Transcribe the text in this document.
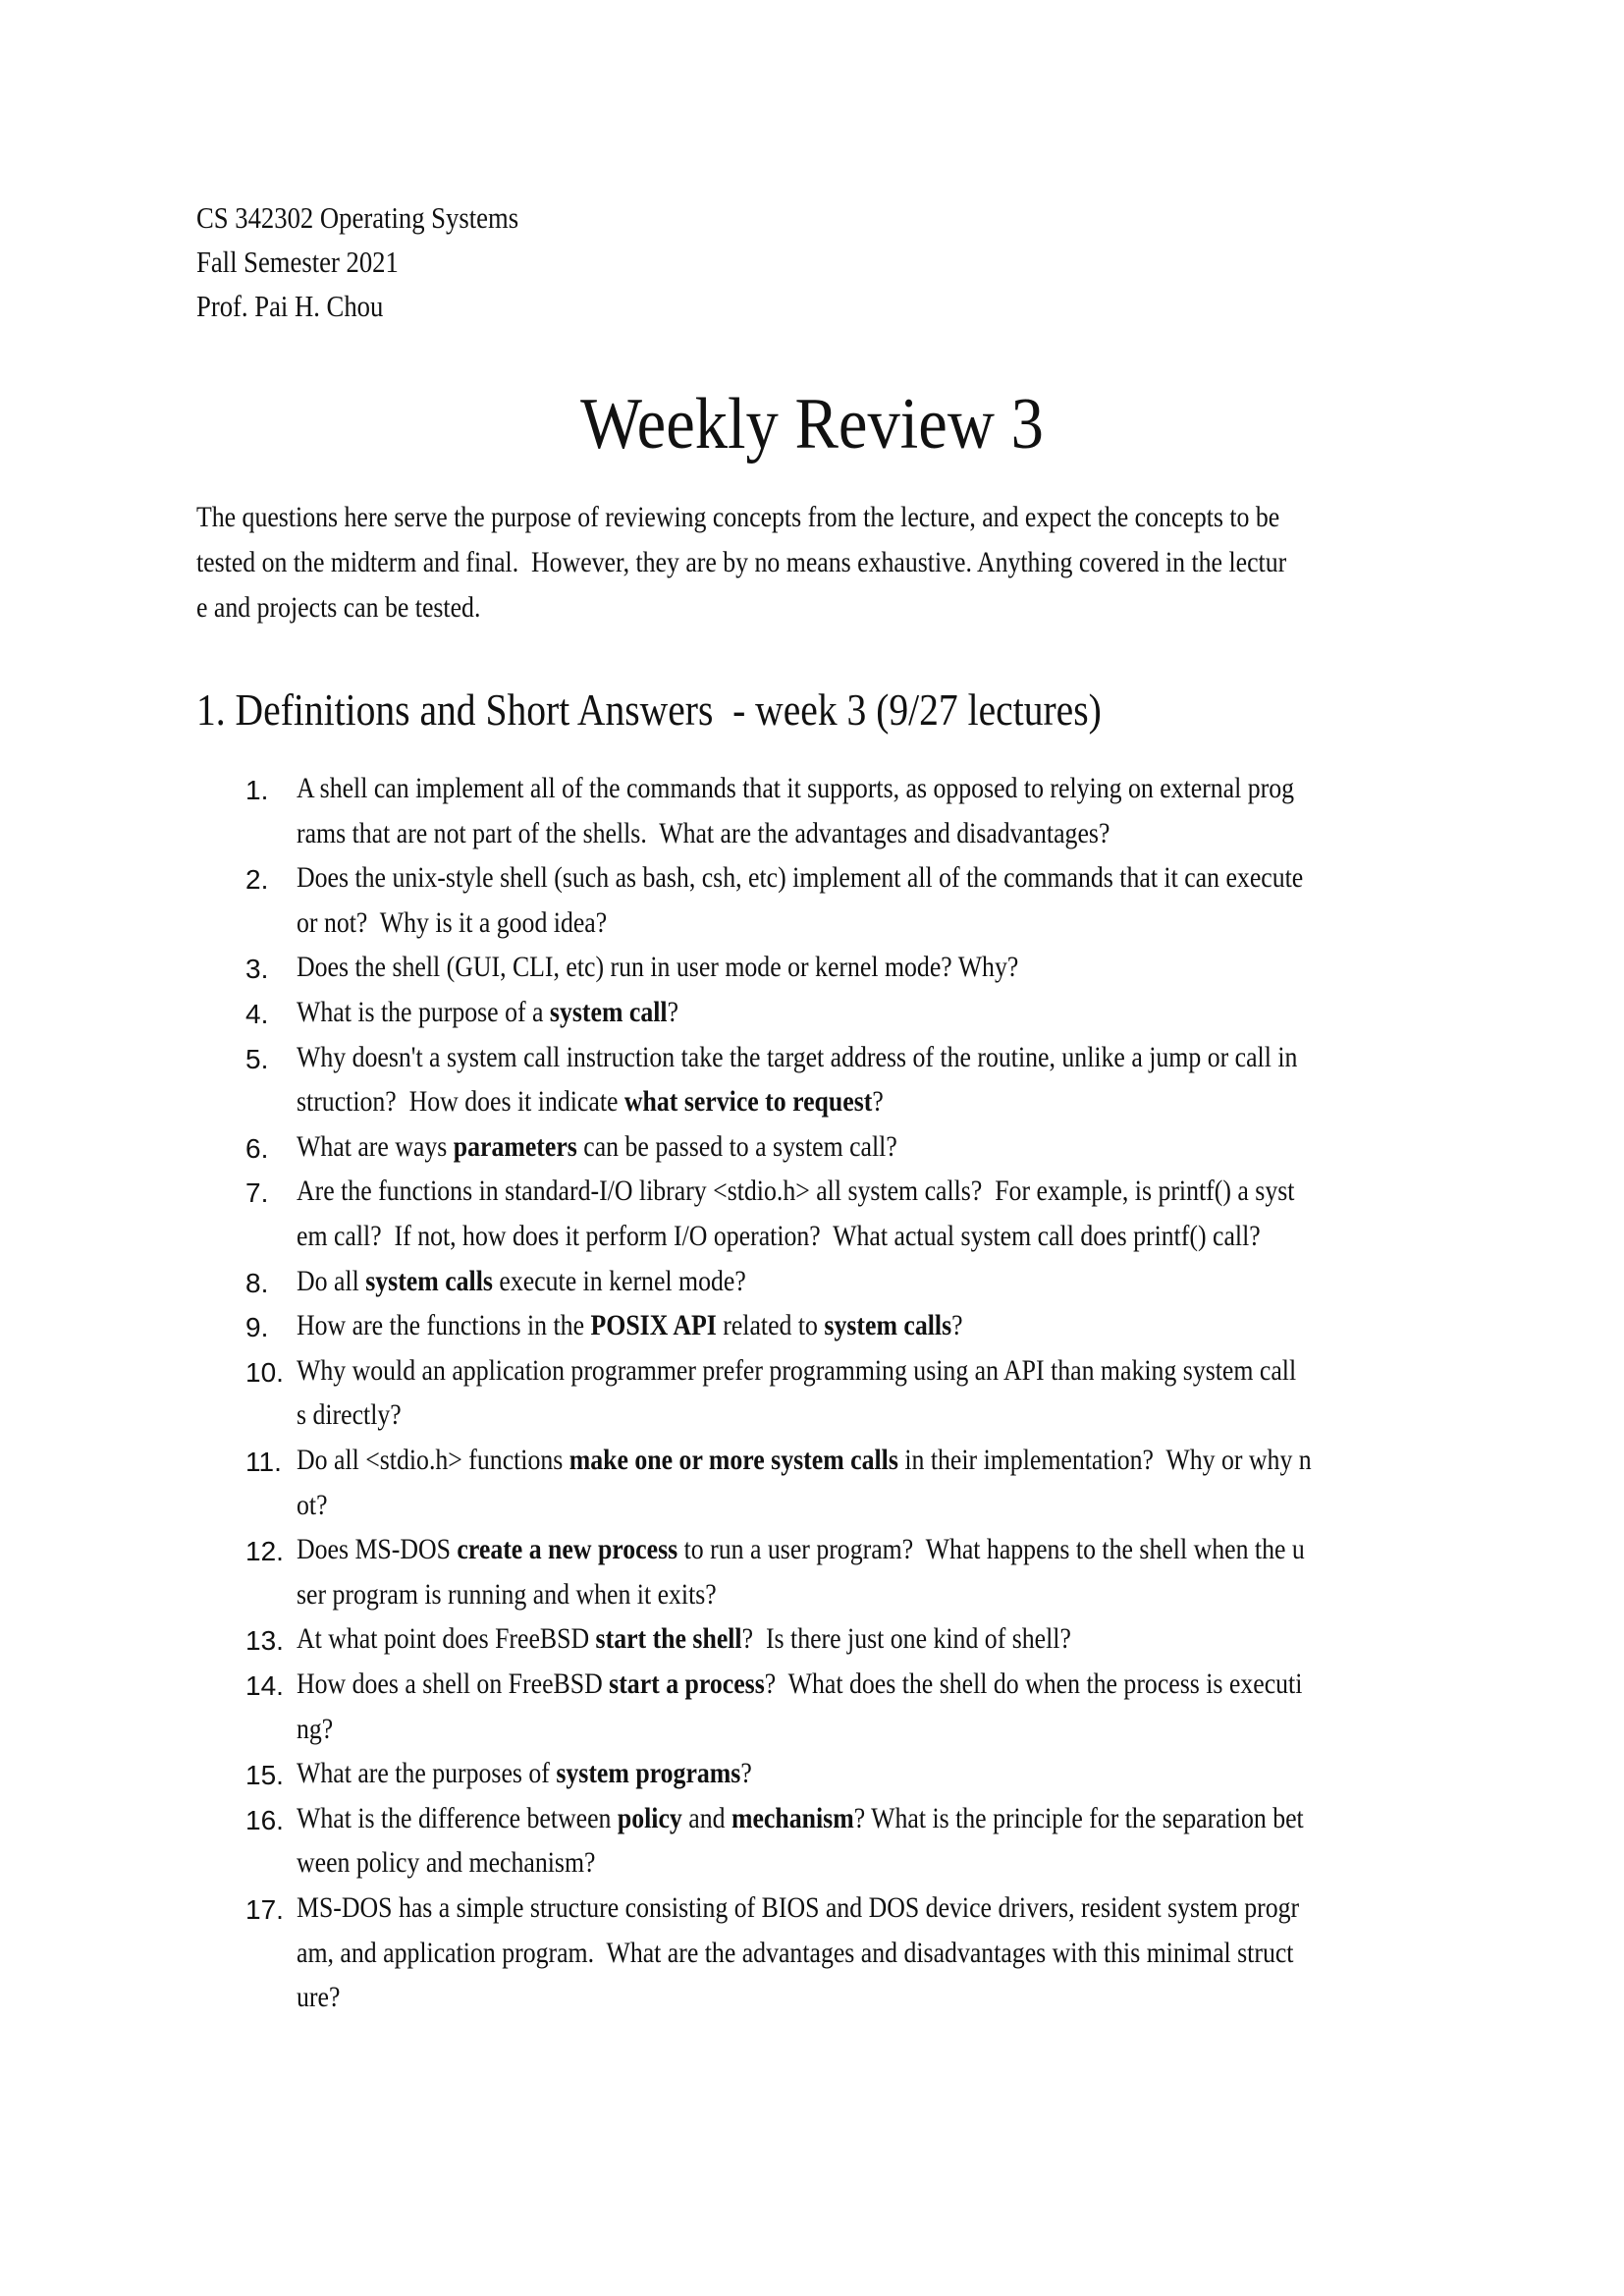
CS 342302 Operating Systems
Fall Semester 2021
Prof. Pai H. Chou
Weekly Review 3
The questions here serve the purpose of reviewing concepts from the lecture, and expect the concepts to be
tested on the midterm and final.  However, they are by no means exhaustive. Anything covered in the lectur
e and projects can be tested.
1. Definitions and Short Answers  - week 3 (9/27 lectures)
1. A shell can implement all of the commands that it supports, as opposed to relying on external prog
rams that are not part of the shells.  What are the advantages and disadvantages?
2. Does the unix-style shell (such as bash, csh, etc) implement all of the commands that it can execute
or not?  Why is it a good idea?
3. Does the shell (GUI, CLI, etc) run in user mode or kernel mode? Why?
4. What is the purpose of a system call?
5. Why doesn't a system call instruction take the target address of the routine, unlike a jump or call in
struction?  How does it indicate what service to request?
6. What are ways parameters can be passed to a system call?
7. Are the functions in standard-I/O library <stdio.h> all system calls?  For example, is printf() a syst
em call?  If not, how does it perform I/O operation?  What actual system call does printf() call?
8. Do all system calls execute in kernel mode?
9. How are the functions in the POSIX API related to system calls?
10. Why would an application programmer prefer programming using an API than making system call
s directly?
11. Do all <stdio.h> functions make one or more system calls in their implementation?  Why or why n
ot?
12. Does MS-DOS create a new process to run a user program?  What happens to the shell when the u
ser program is running and when it exits?
13. At what point does FreeBSD start the shell?  Is there just one kind of shell?
14. How does a shell on FreeBSD start a process?  What does the shell do when the process is executi
ng?
15. What are the purposes of system programs?
16. What is the difference between policy and mechanism? What is the principle for the separation bet
ween policy and mechanism?
17. MS-DOS has a simple structure consisting of BIOS and DOS device drivers, resident system progr
am, and application program.  What are the advantages and disadvantages with this minimal struct
ure?
